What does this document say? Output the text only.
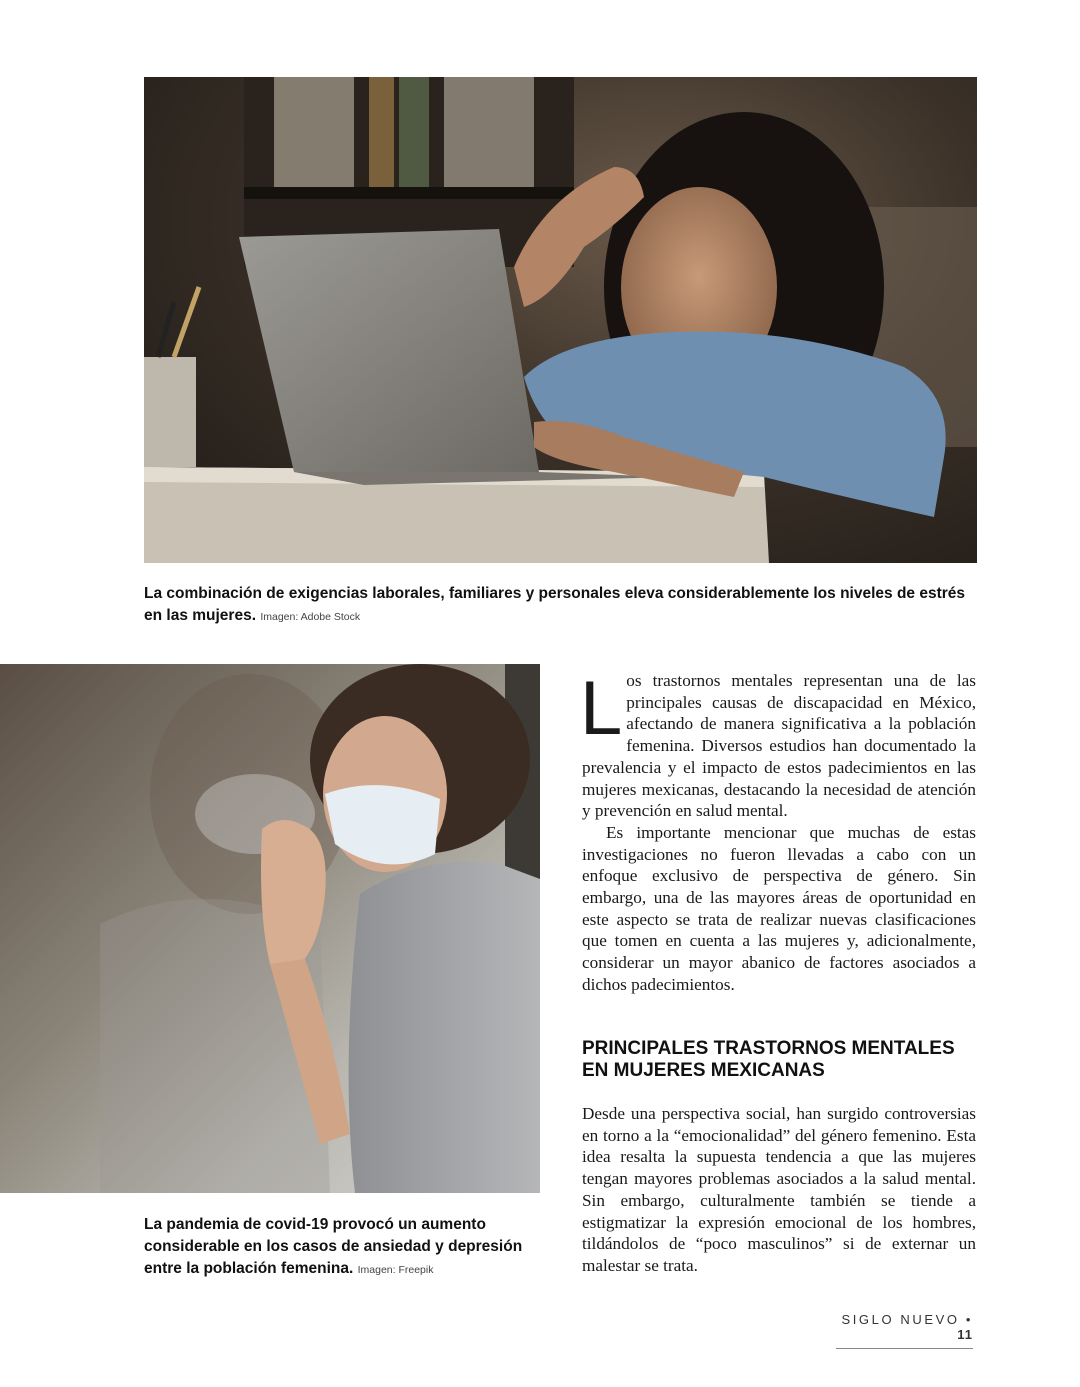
La combinación de exigencias laborales, familiares y personales eleva considerablemente los niveles de estrés en las mujeres. Imagen: Adobe Stock
La pandemia de covid-19 provocó un aumento considerable en los casos de ansiedad y depresión entre la población femenina. Imagen: Freepik

Los trastornos mentales representan una de las principales causas de discapacidad en México, afectando de manera significativa a la población femenina. Diversos estudios han documentado la prevalencia y el impacto de estos padecimientos en las mujeres mexicanas, destacando la necesidad de atención y prevención en salud mental.

Es importante mencionar que muchas de estas investigaciones no fueron llevadas a cabo con un enfoque exclusivo de perspectiva de género. Sin embargo, una de las mayores áreas de oportunidad en este aspecto se trata de realizar nuevas clasificaciones que tomen en cuenta a las mujeres y, adicionalmente, considerar un mayor abanico de factores asociados a dichos padecimientos.

PRINCIPALES TRASTORNOS MENTALES EN MUJERES MEXICANAS

Desde una perspectiva social, han surgido controversias en torno a la “emocionalidad” del género femenino. Esta idea resalta la supuesta tendencia a que las mujeres tengan mayores problemas asociados a la salud mental. Sin embargo, culturalmente también se tiende a estigmatizar la expresión emocional de los hombres, tildándolos de “poco masculinos” si de externar un malestar se trata.

SIGLO NUEVO • 11
